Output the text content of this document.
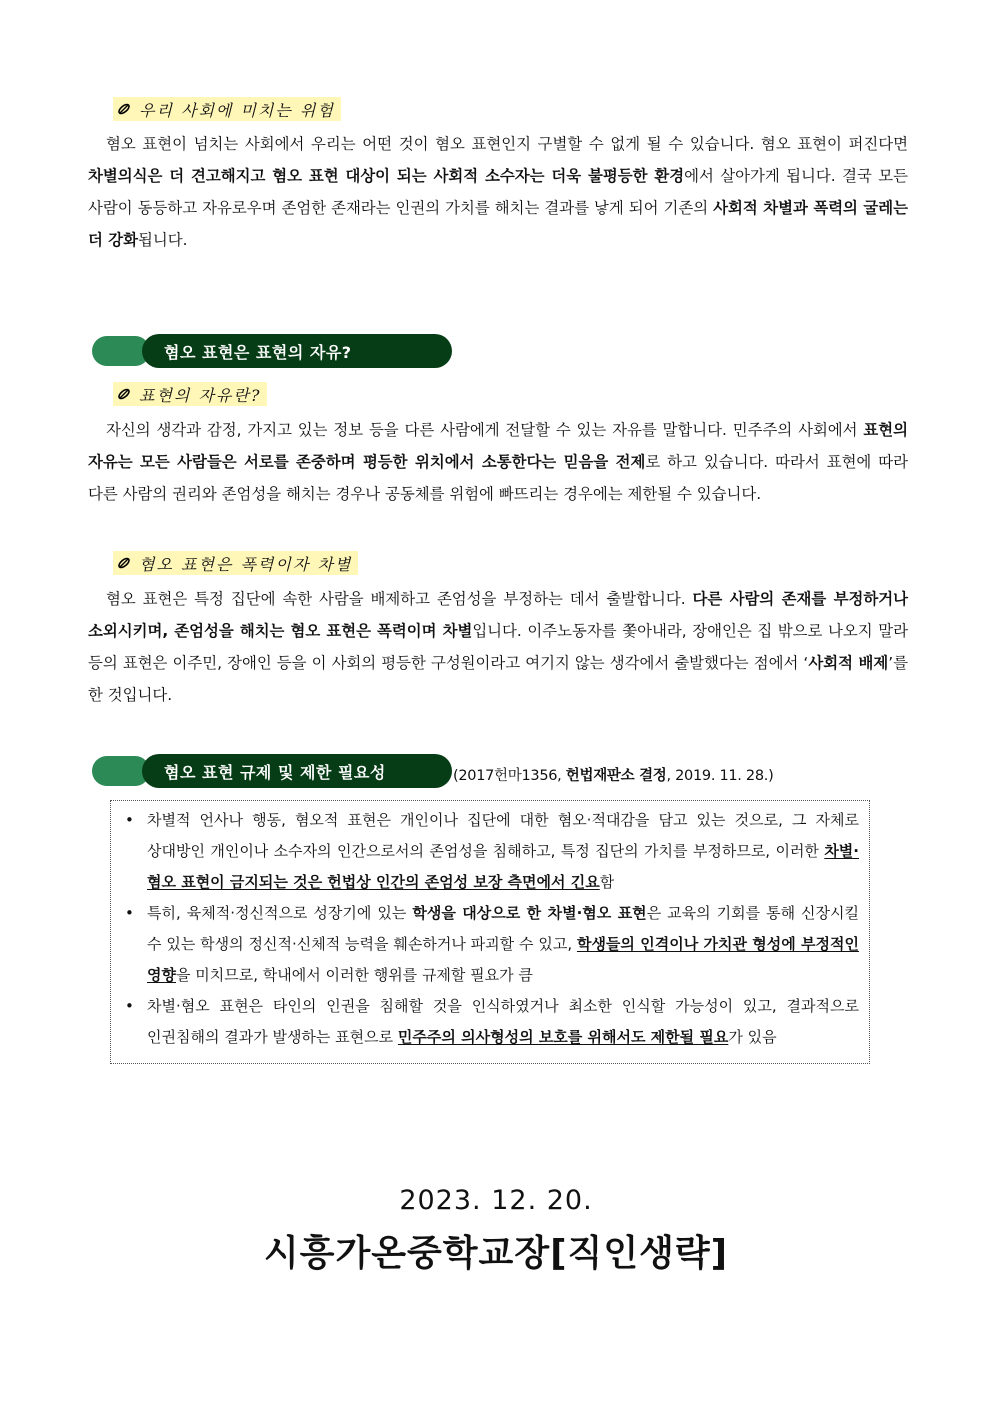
우리 사회에 미치는 위험

혐오 표현이 넘치는 사회에서 우리는 어떤 것이 혐오 표현인지 구별할 수 없게 될 수 있습니다. 혐오 표현이 퍼진다면 차별의식은 더 견고해지고 혐오 표현 대상이 되는 사회적 소수자는 더욱 불평등한 환경에서 살아가게 됩니다. 결국 모든 사람이 동등하고 자유로우며 존엄한 존재라는 인권의 가치를 해치는 결과를 낳게 되어 기존의 사회적 차별과 폭력의 굴레는 더 강화됩니다.

혐오 표현은 표현의 자유?
표현의 자유란?

자신의 생각과 감정, 가지고 있는 정보 등을 다른 사람에게 전달할 수 있는 자유를 말합니다. 민주주의 사회에서 표현의 자유는 모든 사람들은 서로를 존중하며 평등한 위치에서 소통한다는 믿음을 전제로 하고 있습니다. 따라서 표현에 따라 다른 사람의 권리와 존엄성을 해치는 경우나 공동체를 위험에 빠뜨리는 경우에는 제한될 수 있습니다.

혐오 표현은 폭력이자 차별

혐오 표현은 특정 집단에 속한 사람을 배제하고 존엄성을 부정하는 데서 출발합니다. 다른 사람의 존재를 부정하거나 소외시키며, 존엄성을 해치는 혐오 표현은 폭력이며 차별입니다. 이주노동자를 쫓아내라, 장애인은 집 밖으로 나오지 말라 등의 표현은 이주민, 장애인 등을 이 사회의 평등한 구성원이라고 여기지 않는 생각에서 출발했다는 점에서 ‘사회적 배제’를 한 것입니다.

혐오 표현 규제 및 제한 필요성	(2017헌마1356, 헌법재판소 결정, 2019. 11. 28.)
• 차별적 언사나 행동, 혐오적 표현은 개인이나 집단에 대한 혐오·적대감을 담고 있는 것으로, 그 자체로 상대방인 개인이나 소수자의 인간으로서의 존엄성을 침해하고, 특정 집단의 가치를 부정하므로, 이러한 차별·혐오 표현이 금지되는 것은 헌법상 인간의 존엄성 보장 측면에서 긴요함
• 특히, 육체적·정신적으로 성장기에 있는 학생을 대상으로 한 차별·혐오 표현은 교육의 기회를 통해 신장시킬 수 있는 학생의 정신적·신체적 능력을 훼손하거나 파괴할 수 있고, 학생들의 인격이나 가치관 형성에 부정적인 영향을 미치므로, 학내에서 이러한 행위를 규제할 필요가 큼
• 차별·혐오 표현은 타인의 인권을 침해할 것을 인식하였거나 최소한 인식할 가능성이 있고, 결과적으로 인권침해의 결과가 발생하는 표현으로 민주주의 의사형성의 보호를 위해서도 제한될 필요가 있음
2023. 12. 20.
시흥가온중학교장[직인생략]
